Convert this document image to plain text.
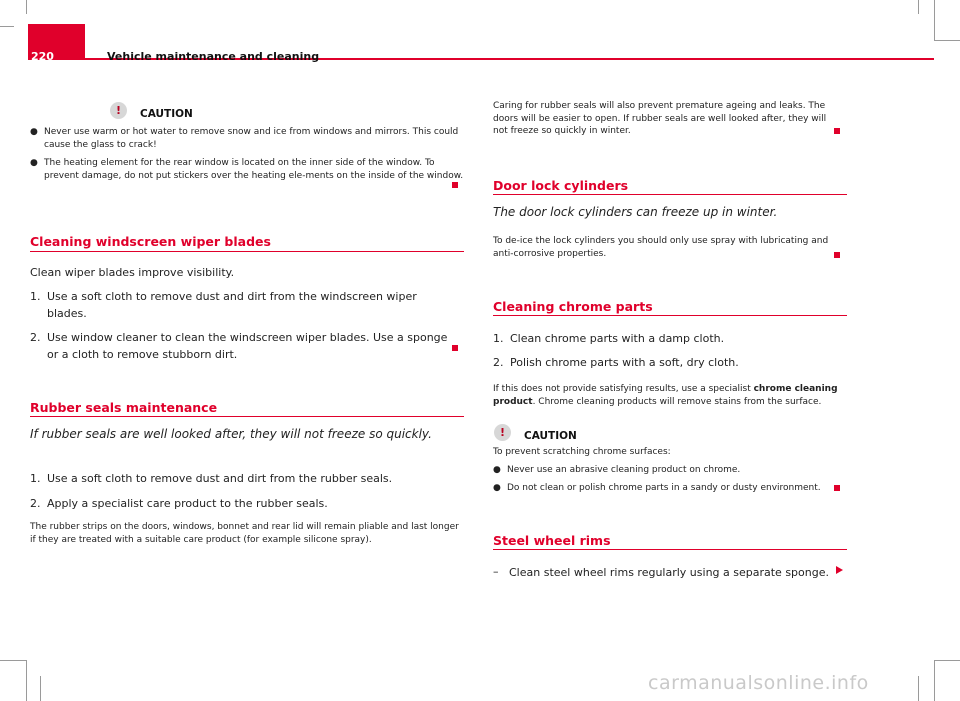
220	Vehicle maintenance and cleaning
!	CAUTION
● Never use warm or hot water to remove snow and ice from windows and mirrors. This could cause the glass to crack!
● The heating element for the rear window is located on the inner side of the window. To prevent damage, do not put stickers over the heating ele-ments on the inside of the window.
Cleaning windscreen wiper blades
Clean wiper blades improve visibility.
1. Use a soft cloth to remove dust and dirt from the windscreen wiper blades.
2. Use window cleaner to clean the windscreen wiper blades. Use a sponge or a cloth to remove stubborn dirt.
Rubber seals maintenance
If rubber seals are well looked after, they will not freeze so quickly.
1. Use a soft cloth to remove dust and dirt from the rubber seals.
2. Apply a specialist care product to the rubber seals.
The rubber strips on the doors, windows, bonnet and rear lid will remain pliable and last longer if they are treated with a suitable care product (for example silicone spray).
Caring for rubber seals will also prevent premature ageing and leaks. The doors will be easier to open. If rubber seals are well looked after, they will not freeze so quickly in winter.
Door lock cylinders
The door lock cylinders can freeze up in winter.
To de-ice the lock cylinders you should only use spray with lubricating and anti-corrosive properties.
Cleaning chrome parts
1. Clean chrome parts with a damp cloth.
2. Polish chrome parts with a soft, dry cloth.
If this does not provide satisfying results, use a specialist chrome cleaning product. Chrome cleaning products will remove stains from the surface.
!	CAUTION
To prevent scratching chrome surfaces:
● Never use an abrasive cleaning product on chrome.
● Do not clean or polish chrome parts in a sandy or dusty environment.
Steel wheel rims
– Clean steel wheel rims regularly using a separate sponge.
carmanualsonline.info
